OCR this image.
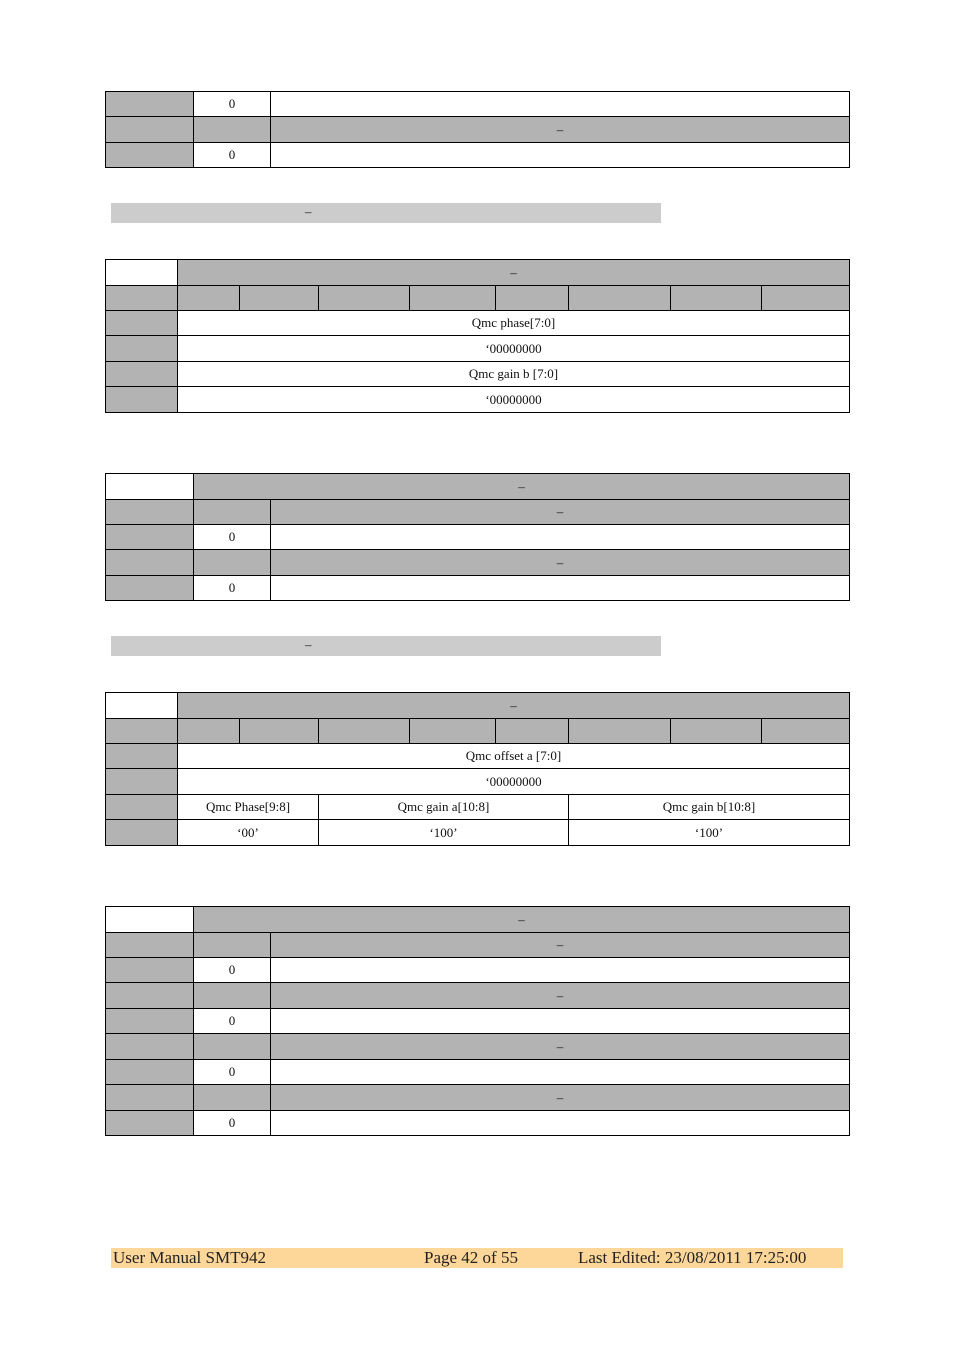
	0	
		–
	0	
–
	–							

	Qmc phase[7:0]							
	‘00000000							
	Qmc gain b [7:0]							
	‘00000000							
	–	
		–
	0	
		–
	0	
–
	–							

	Qmc offset a [7:0]							
	‘00000000							
	Qmc Phase[9:8]		Qmc gain a[10:8]			Qmc gain b[10:8]		
	‘00’		‘100’			‘100’		
	–	
		–
	0	
		–
	0	
		–
	0	
		–
	0	
User Manual SMT942	Page 42 of 55	Last Edited: 23/08/2011 17:25:00
